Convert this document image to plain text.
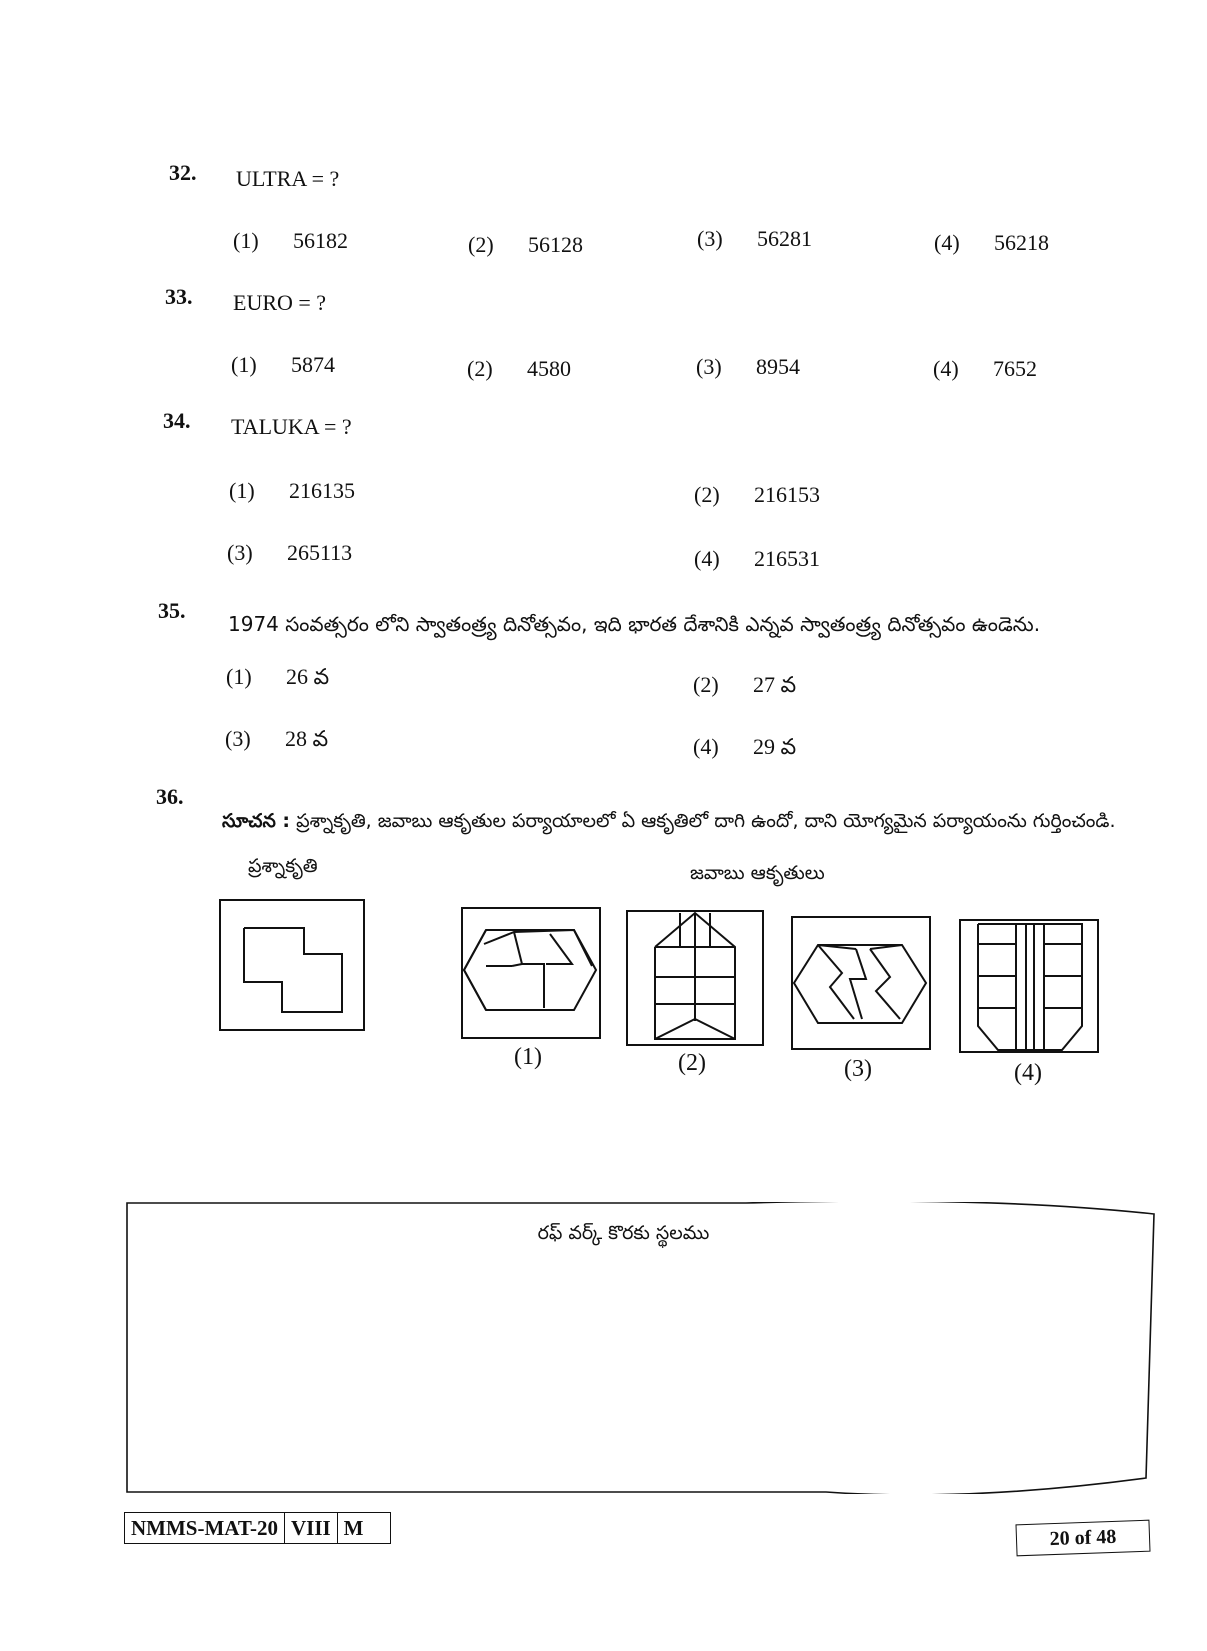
32. ULTRA = ?
(1) 56182	(2) 56128	(3) 56281	(4) 56218
33. EURO = ?
(1) 5874	(2) 4580	(3) 8954	(4) 7652
34. TALUKA = ?
(1) 216135	(2) 216153
(3) 265113	(4) 216531
35.
1974 సంవత్సరం లోని స్వాతంత్ర్య దినోత్సవం, ఇది భారత దేశానికి ఎన్నవ స్వాతంత్ర్య దినోత్సవం ఉండెను.
(1) 26 వ	(2) 27 వ
(3) 28 వ	(4) 29 వ
36.
సూచన : ప్రశ్నాకృతి, జవాబు ఆకృతుల పర్యాయాలలో ఏ ఆకృతిలో దాగి ఉందో, దాని యోగ్యమైన పర్యాయంను గుర్తించండి.
ప్రశ్నాకృతి	జవాబు ఆకృతులు
(1)	(2)	(3)	(4)
రఫ్ వర్క్ కొరకు స్థలము
NMMS-MAT-20	VIII	M	20 of 48
